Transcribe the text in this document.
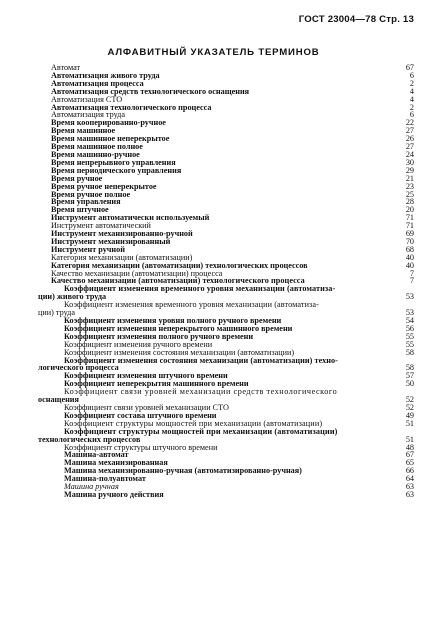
ГОСТ 23004—78 Стр. 13
АЛФАВИТНЫЙ УКАЗАТЕЛЬ ТЕРМИНОВ
Автомат	67
Автоматизация живого труда	6
Автоматизация процесса	2
Автоматизация средств технологического оснащения	4
Автоматизация СТО	4
Автоматизация технологического процесса	2
Автоматизация труда	6
Время кооперированно-ручное	22
Время машинное	27
Время машинное неперекрытое	26
Время машинное полное	27
Время машинно-ручное	24
Время непрерывного управления	30
Время периодического управления	29
Время ручное	21
Время ручное неперекрытое	23
Время ручное полное	25
Время управления	28
Время штучное	20
Инструмент автоматически используемый	71
Инструмент автоматический	71
Инструмент механизированно-ручной	69
Инструмент механизированный	70
Инструмент ручной	68
Категория механизации (автоматизации)	40
Категория механизации (автоматизации) технологических процессов	40
Качество механизации (автоматизации) процесса	7
Качество механизации (автоматизации) технологического процесса	7
Коэффициент изменения временного уровня механизации (автоматиза-
ции) живого труда	53
Коэффициент изменения временного уровня механизации (автоматиза-
ции) труда	53
Коэффициент изменения уровня полного ручного времени	54
Коэффициент изменения неперекрытого машинного времени	56
Коэффициент изменения полного ручного времени	55
Коэффициент изменения ручного времени	55
Коэффициент изменения состояния механизации (автоматизации)	58
Коэффициент изменения состояния механизации (автоматизации) техно-
логического процесса	58
Коэффициент изменения штучного времени	57
Коэффициент неперекрытия машинного времени	50
Коэффициент связи уровней механизации средств технологического
оснащения	52
Коэффициент связи уровней механизации СТО	52
Коэффициент состава штучного времени	49
Коэффициент структуры мощностей при механизации (автоматизации)	51
Коэффициент структуры мощностей при механизации (автоматизации)
технологических процессов	51
Коэффициент структуры штучного времени	48
Машина-автомат	67
Машина механизированная	65
Машина механизированно-ручная (автоматизированно-ручная)	66
Машина-полуавтомат	64
Машина ручная	63
Машина ручного действия	63
